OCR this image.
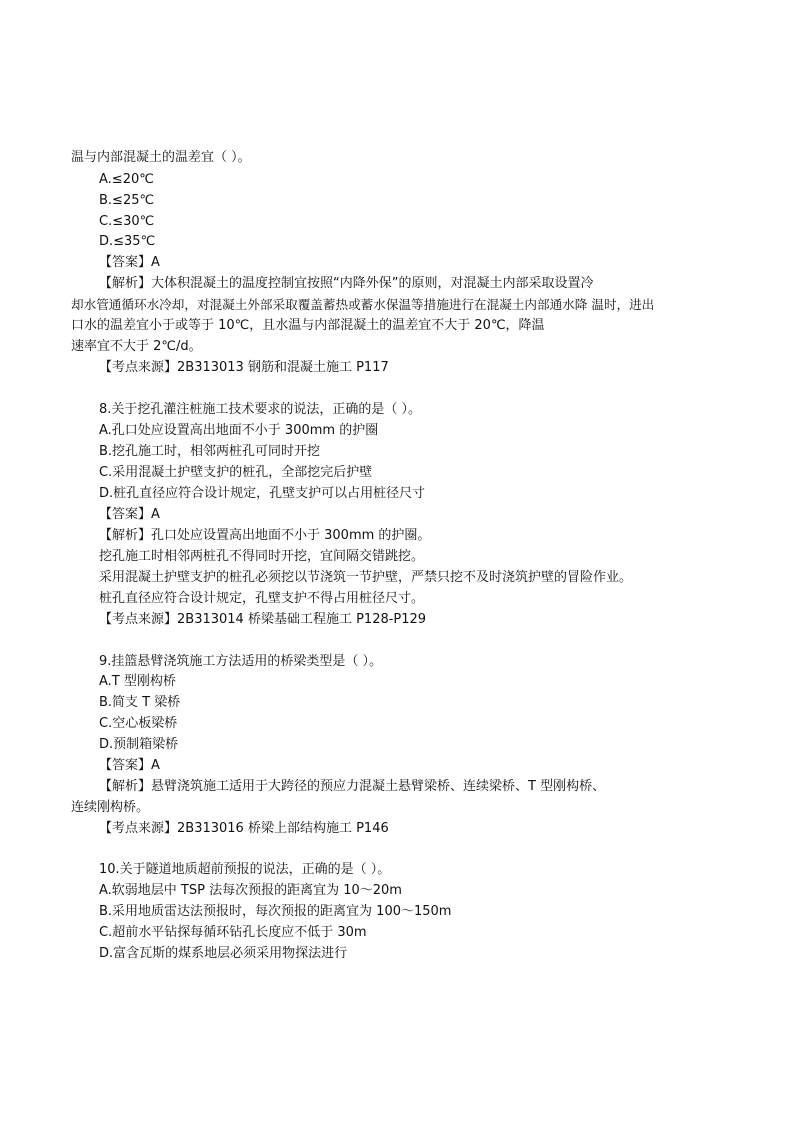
温与内部混凝土的温差宜（ ）。
A.≤20℃
B.≤25℃
C.≤30℃
D.≤35℃
【答案】A
【解析】大体积混凝土的温度控制宜按照“内降外保”的原则，对混凝土内部采取设置冷
却水管通循环水冷却，对混凝土外部采取覆盖蓄热或蓄水保温等措施进行在混凝土内部通水降 温时，进出
口水的温差宜小于或等于 10℃，且水温与内部混凝土的温差宜不大于 20℃，降温
速率宜不大于 2℃/d。
【考点来源】2B313013 钢筋和混凝土施工 P117
8.关于挖孔灌注桩施工技术要求的说法，正确的是（ ）。
A.孔口处应设置高出地面不小于 300mm 的护圈
B.挖孔施工时，相邻两桩孔可同时开挖
C.采用混凝土护壁支护的桩孔，全部挖完后护壁
D.桩孔直径应符合设计规定，孔壁支护可以占用桩径尺寸
【答案】A
【解析】孔口处应设置高出地面不小于 300mm 的护圈。
挖孔施工时相邻两桩孔不得同时开挖，宜间隔交错跳挖。
采用混凝土护壁支护的桩孔必须挖以节浇筑一节护壁，严禁只挖不及时浇筑护壁的冒险作业。
桩孔直径应符合设计规定，孔壁支护不得占用桩径尺寸。
【考点来源】2B313014 桥梁基础工程施工 P128-P129
9.挂篮悬臂浇筑施工方法适用的桥梁类型是（ ）。
A.T 型刚构桥
B.简支 T 梁桥
C.空心板梁桥
D.预制箱梁桥
【答案】A
【解析】悬臂浇筑施工适用于大跨径的预应力混凝土悬臂梁桥、连续梁桥、T 型刚构桥、
连续刚构桥。
【考点来源】2B313016 桥梁上部结构施工 P146
10.关于隧道地质超前预报的说法，正确的是（ ）。
A.软弱地层中 TSP 法每次预报的距离宜为 10～20m
B.采用地质雷达法预报时，每次预报的距离宜为 100～150m
C.超前水平钻探每循环钻孔长度应不低于 30m
D.富含瓦斯的煤系地层必须采用物探法进行
